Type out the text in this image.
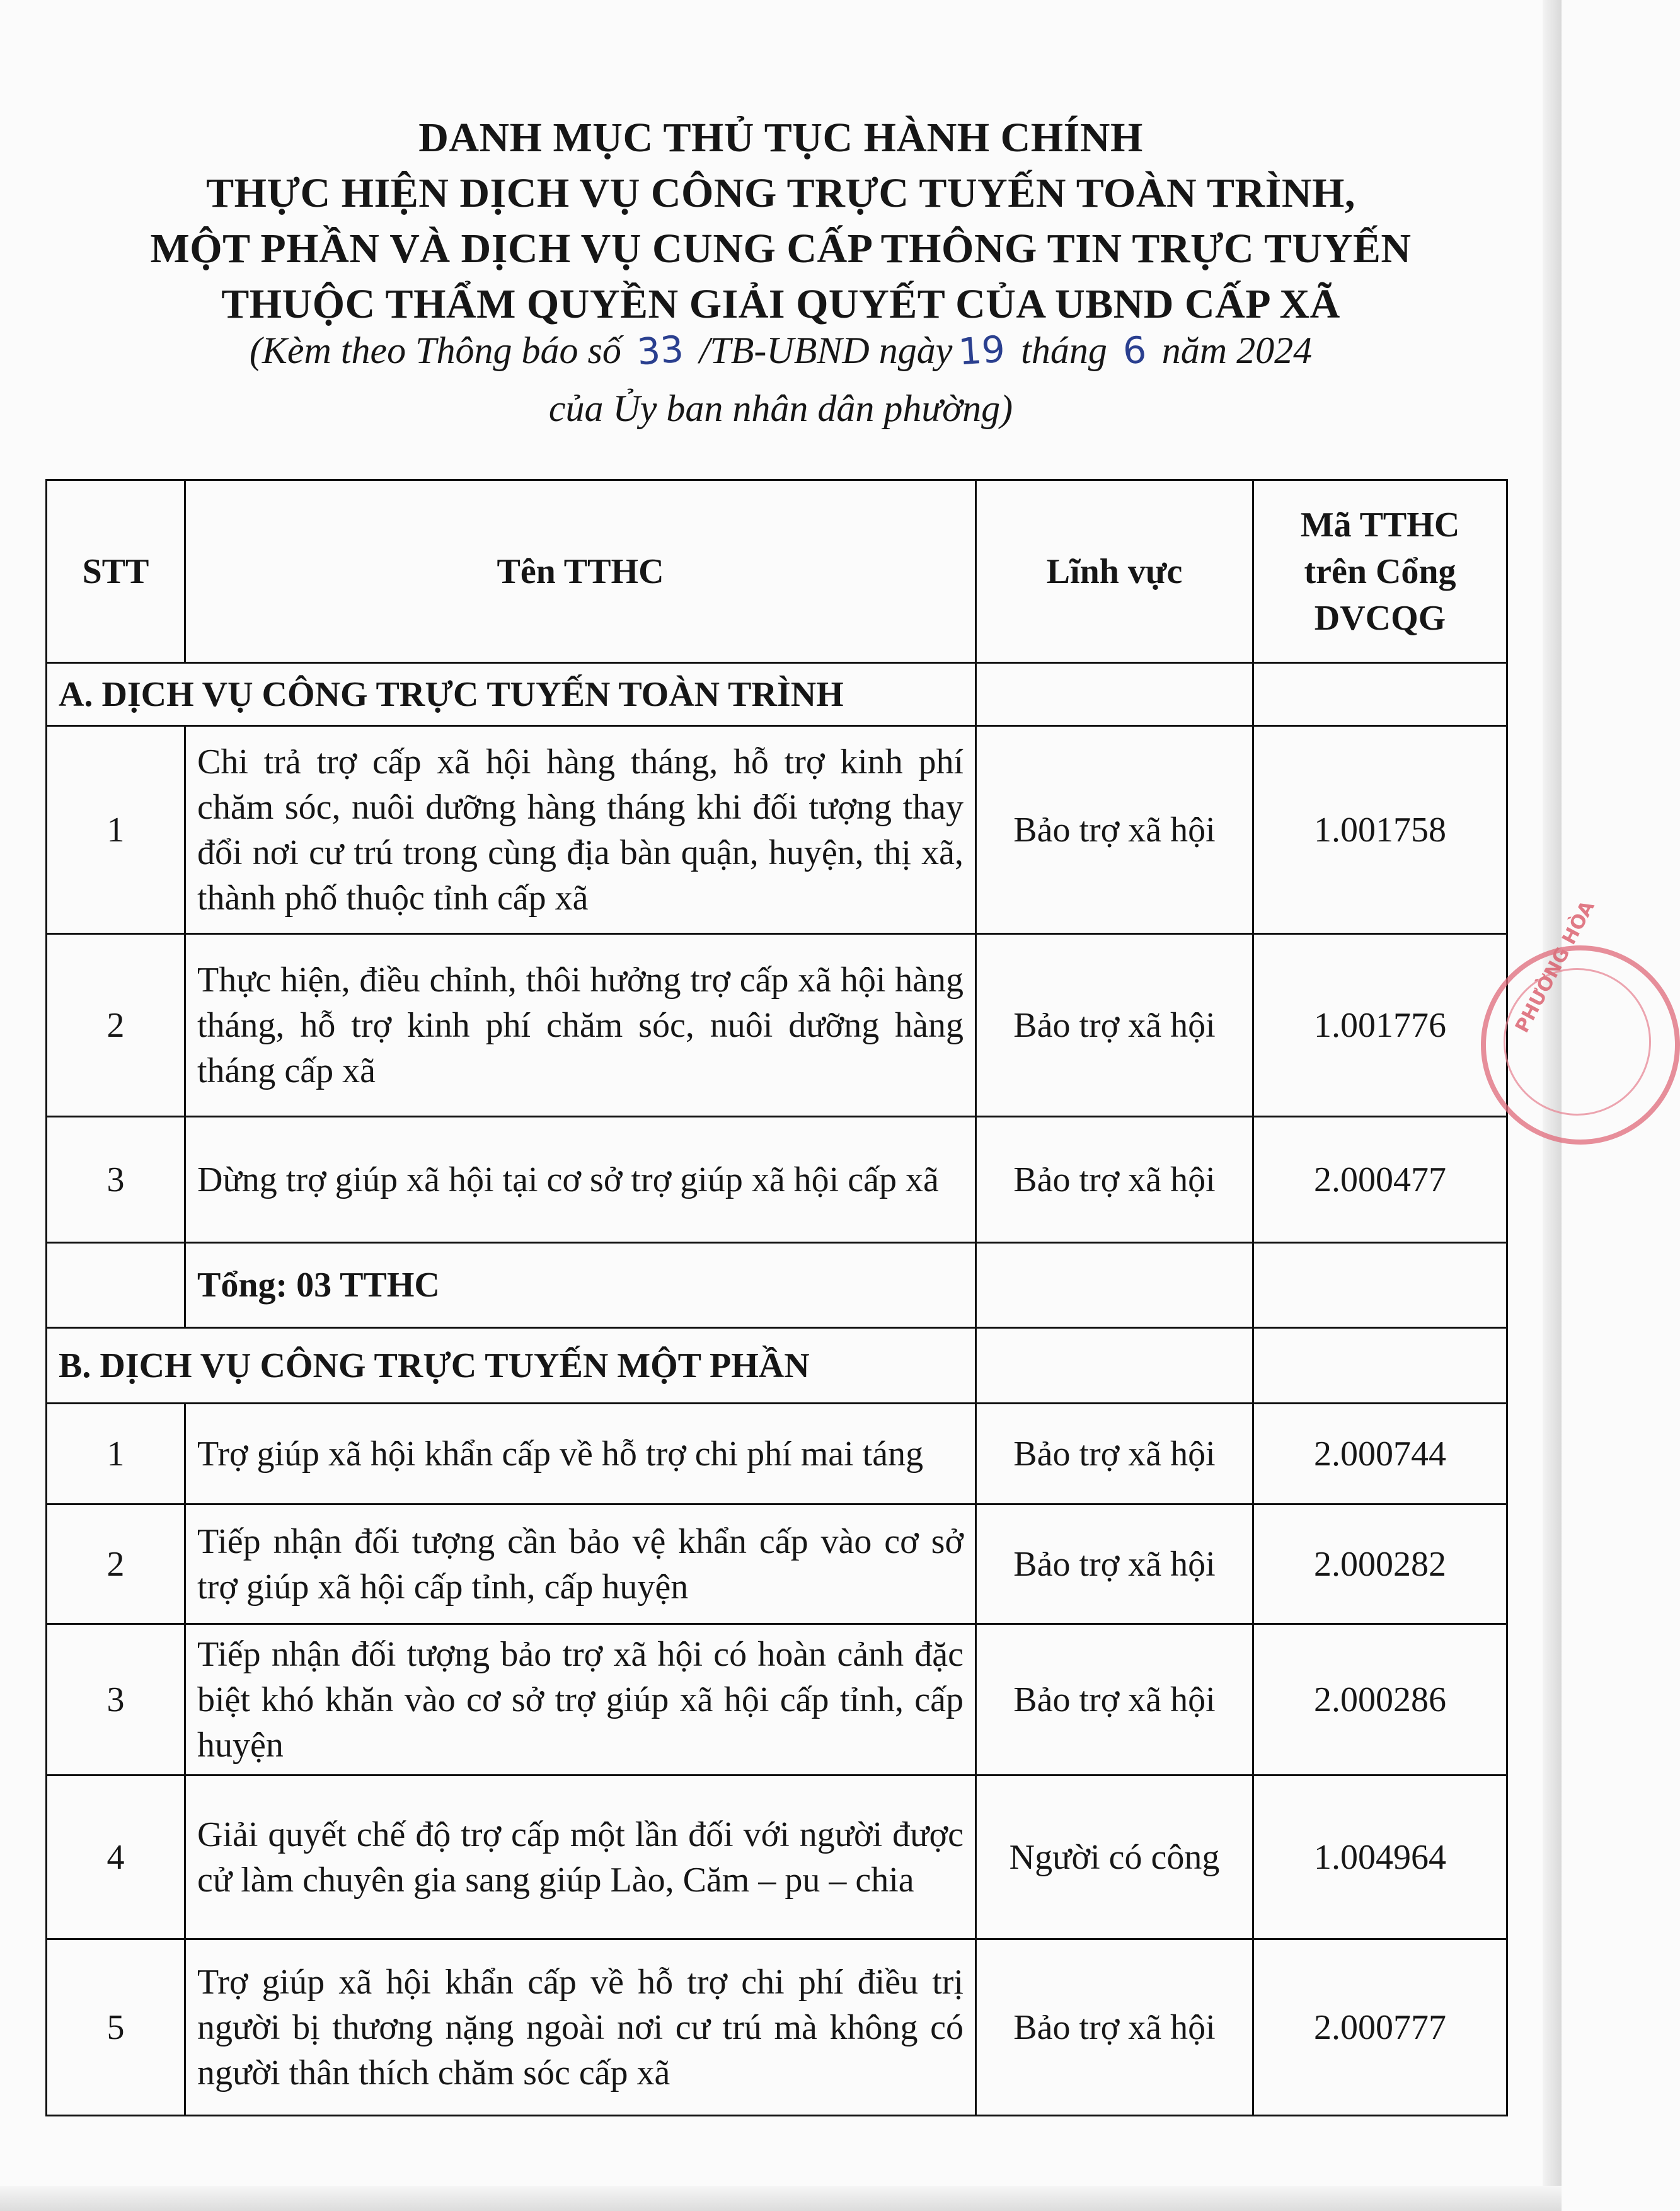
DANH MỤC THỦ TỤC HÀNH CHÍNH
THỰC HIỆN DỊCH VỤ CÔNG TRỰC TUYẾN TOÀN TRÌNH,
MỘT PHẦN VÀ DỊCH VỤ CUNG CẤP THÔNG TIN TRỰC TUYẾN
THUỘC THẨM QUYỀN GIẢI QUYẾT CỦA UBND CẤP XÃ
(Kèm theo Thông báo số 33 /TB-UBND ngày 19 tháng 6 năm 2024
của Ủy ban nhân dân phường)
STT	Tên TTHC	Lĩnh vực	Mã TTHC
trên Cổng
DVCQG
A. DỊCH VỤ CÔNG TRỰC TUYẾN TOÀN TRÌNH			
1	Chi trả trợ cấp xã hội hàng tháng, hỗ trợ kinh phí chăm sóc, nuôi dưỡng hàng tháng khi đối tượng thay đổi nơi cư trú trong cùng địa bàn quận, huyện, thị xã, thành phố thuộc tỉnh cấp xã	Bảo trợ xã hội	1.001758
2	Thực hiện, điều chỉnh, thôi hưởng trợ cấp xã hội hàng tháng, hỗ trợ kinh phí chăm sóc, nuôi dưỡng hàng tháng cấp xã	Bảo trợ xã hội	1.001776
3	Dừng trợ giúp xã hội tại cơ sở trợ giúp xã hội cấp xã	Bảo trợ xã hội	2.000477
	Tổng: 03 TTHC		
B. DỊCH VỤ CÔNG TRỰC TUYẾN MỘT PHẦN			
1	Trợ giúp xã hội khẩn cấp về hỗ trợ chi phí mai táng	Bảo trợ xã hội	2.000744
2	Tiếp nhận đối tượng cần bảo vệ khẩn cấp vào cơ sở trợ giúp xã hội cấp tỉnh, cấp huyện	Bảo trợ xã hội	2.000282
3	Tiếp nhận đối tượng bảo trợ xã hội có hoàn cảnh đặc biệt khó khăn vào cơ sở trợ giúp xã hội cấp tỉnh, cấp huyện	Bảo trợ xã hội	2.000286
4	Giải quyết chế độ trợ cấp một lần đối với người được cử làm chuyên gia sang giúp Lào, Căm – pu – chia	Người có công	1.004964
5	Trợ giúp xã hội khẩn cấp về hỗ trợ chi phí điều trị người bị thương nặng ngoài nơi cư trú mà không có người thân thích chăm sóc cấp xã	Bảo trợ xã hội	2.000777
PHƯỜNG HÒA
